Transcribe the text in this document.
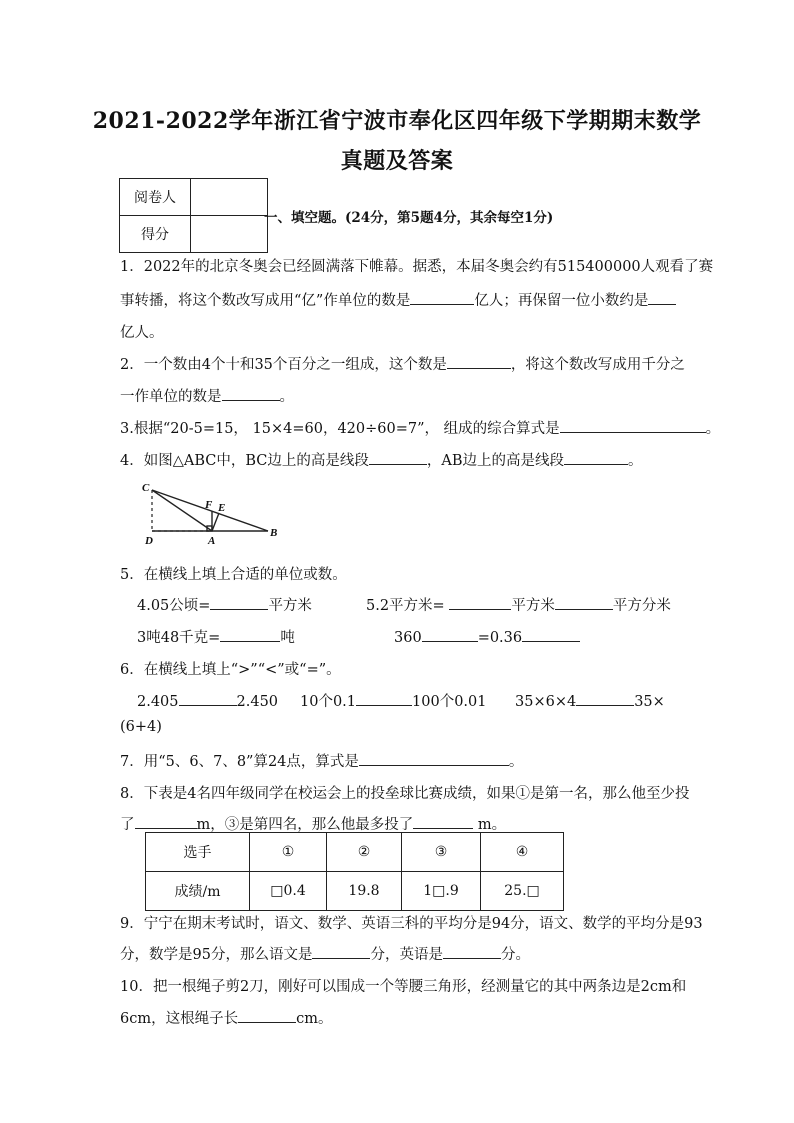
2021-2022学年浙江省宁波市奉化区四年级下学期期末数学
真题及答案
阅卷人	
得分	
一、填空题。(24分，第5题4分，其余每空1分)
1．2022年的北京冬奥会已经圆满落下帷幕。据悉，本届冬奥会约有515400000人观看了赛
事转播，将这个数改写成用“亿”作单位的数是	亿人；再保留一位小数约是
亿人。
2．一个数由4个十和35个百分之一组成，这个数是	，将这个数改写成用千分之
一作单位的数是	。
3.根据“20-5=15， 15×4=60，420÷60=7”， 组成的综合算式是	。
4．如图△ABC中，BC边上的高是线段	，AB边上的高是线段	。
C
F E
D	A
B
5．在横线上填上合适的单位或数。
4.05公顷=	平方米	5.2平方米=	平方米	平方分米
3吨48千克=	吨	360	=0.36
6．在横线上填上“>”“<”或“=”。
2.405	2.450 10个0.1	100个0.01 35×6×4	35×
(6+4)
7．用“5、6、7、8”算24点，算式是	。
8．下表是4名四年级同学在校运会上的投垒球比赛成绩，如果①是第一名，那么他至少投
了	m，③是第四名，那么他最多投了	m。
选手	①	②	③	④
成绩/m	□0.4	19.8	1□.9	25.□
9．宁宁在期末考试时，语文、数学、英语三科的平均分是94分，语文、数学的平均分是93
分，数学是95分，那么语文是	分，英语是	分。
10．把一根绳子剪2刀，刚好可以围成一个等腰三角形，经测量它的其中两条边是2cm和
6cm，这根绳子长	cm。
